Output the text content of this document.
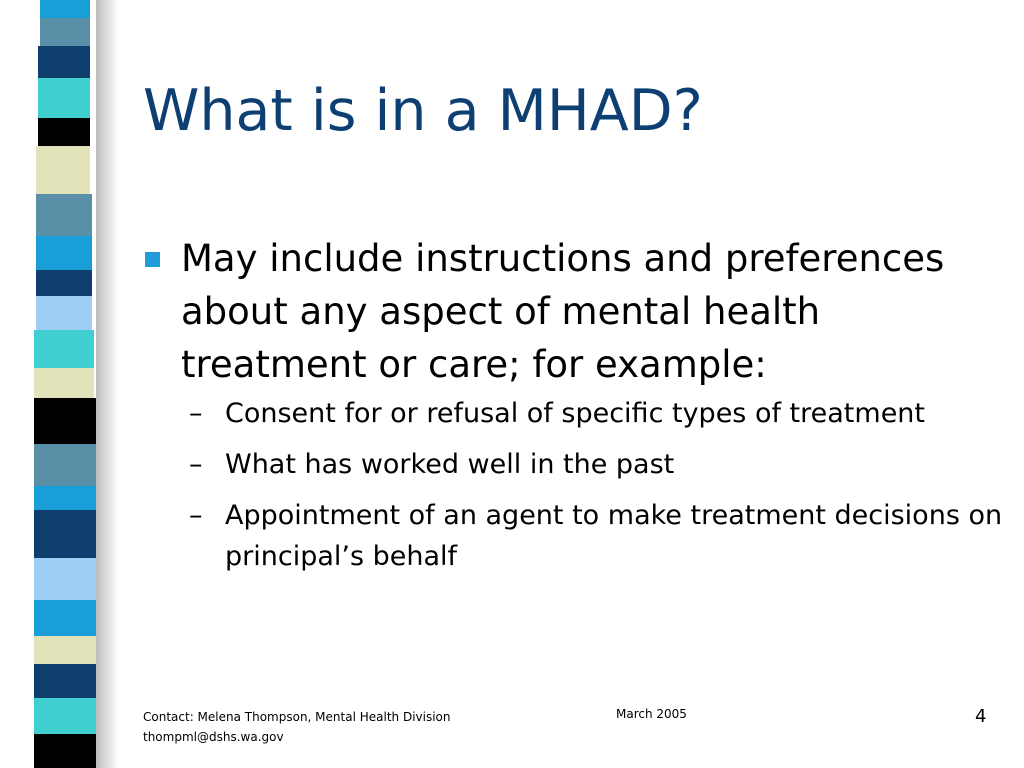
What is in a MHAD?
May include instructions and preferences about any aspect of mental health treatment or care; for example:
– Consent for or refusal of specific types of treatment
– What has worked well in the past
– Appointment of an agent to make treatment decisions on principal’s behalf
Contact: Melena Thompson, Mental Health Division
thompml@dshs.wa.gov
March 2005	4
